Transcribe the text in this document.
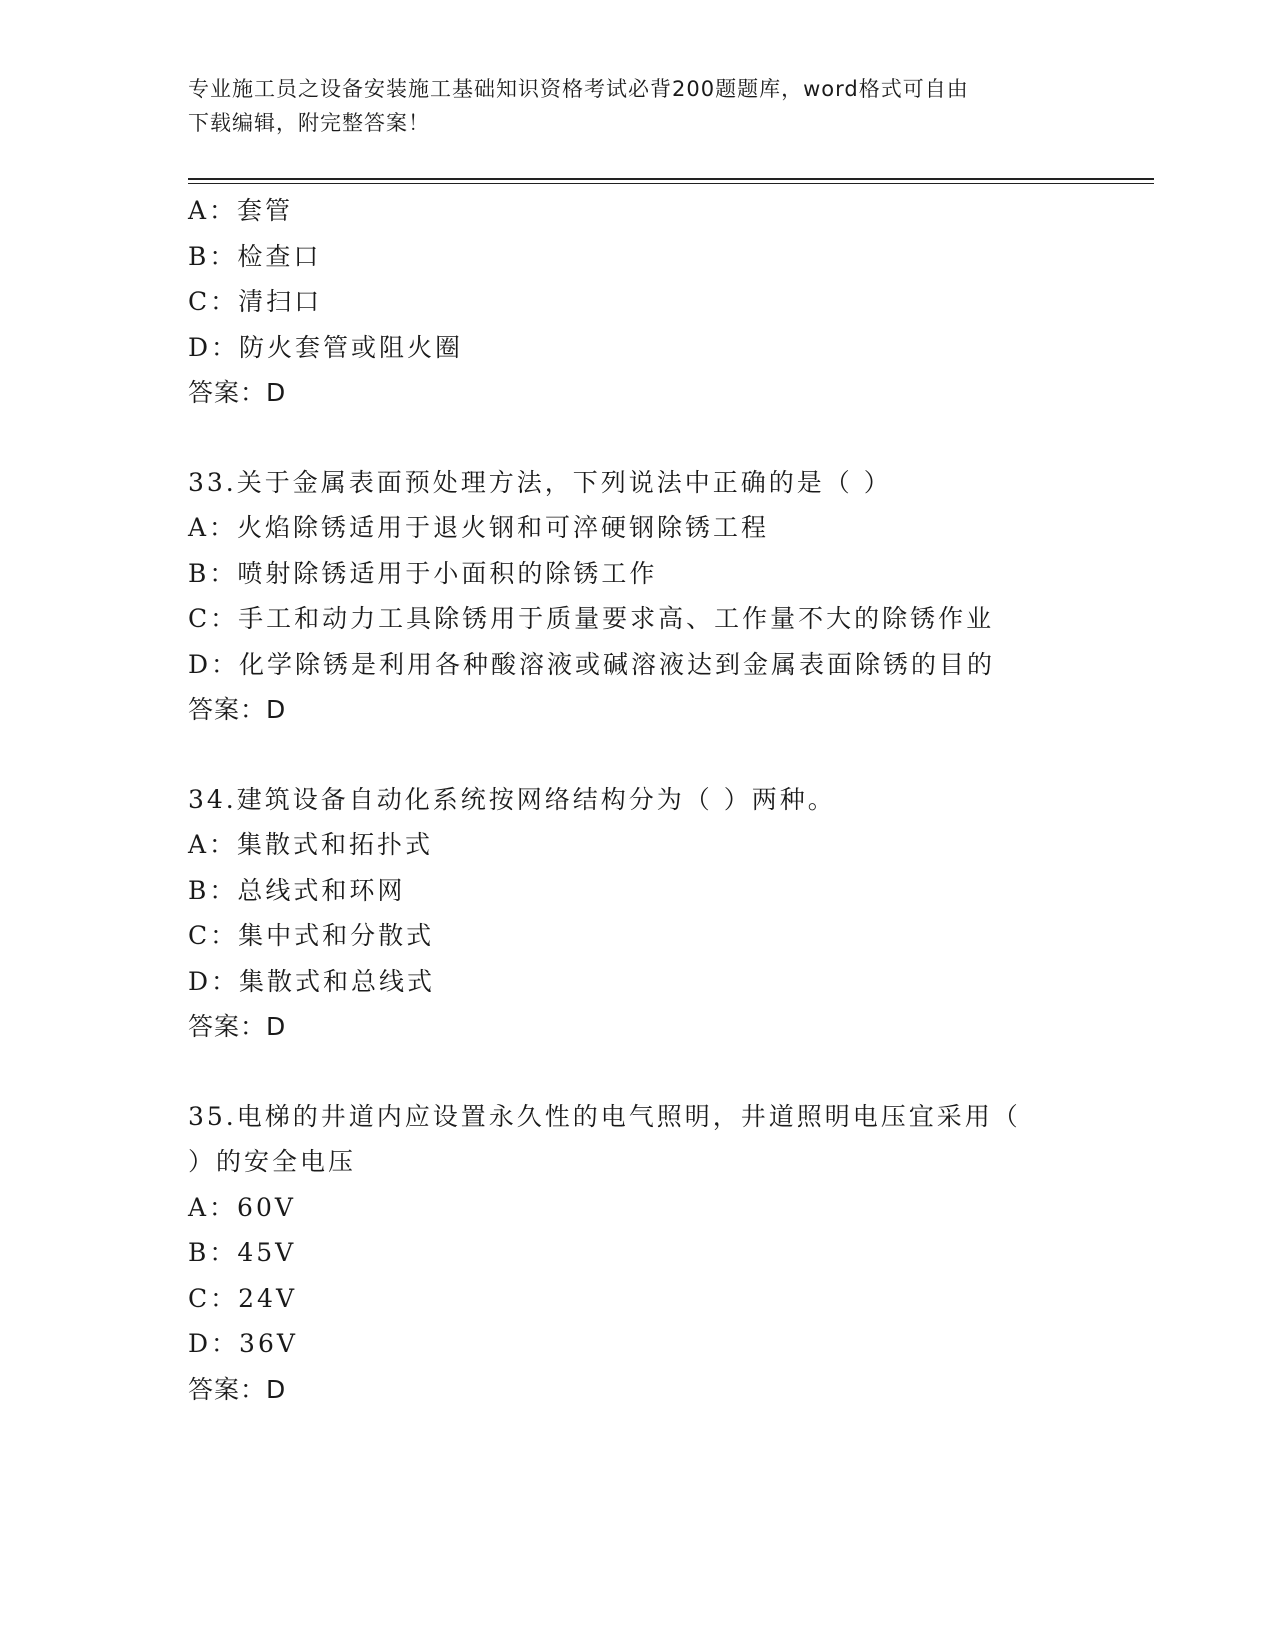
专业施工员之设备安装施工基础知识资格考试必背200题题库，word格式可自由
下载编辑，附完整答案！
A：套管
B：检查口
C：清扫口
D：防火套管或阻火圈
答案：D
33.关于金属表面预处理方法，下列说法中正确的是（ ）
A：火焰除锈适用于退火钢和可淬硬钢除锈工程
B：喷射除锈适用于小面积的除锈工作
C：手工和动力工具除锈用于质量要求高、工作量不大的除锈作业
D：化学除锈是利用各种酸溶液或碱溶液达到金属表面除锈的目的
答案：D
34.建筑设备自动化系统按网络结构分为（ ）两种。
A：集散式和拓扑式
B：总线式和环网
C：集中式和分散式
D：集散式和总线式
答案：D
35.电梯的井道内应设置永久性的电气照明，井道照明电压宜采用（
）的安全电压
A：60V
B：45V
C：24V
D：36V
答案：D
